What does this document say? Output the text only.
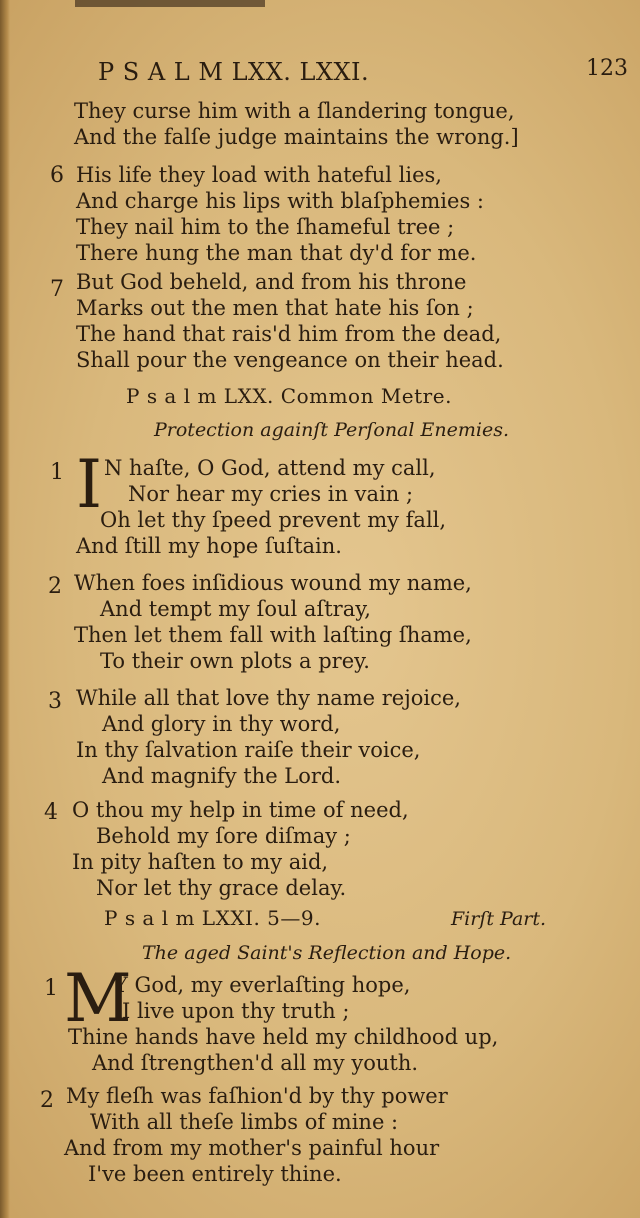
P S A L M LXX. LXXI.	123
They curse him with a ſlandering tongue,
And the falſe judge maintains the wrong.]
6 His life they load with hateful lies,
And charge his lips with blaſphemies :
They nail him to the ſhameful tree ;
There hung the man that dy'd for me.
7 But God beheld, and from his throne
Marks out the men that hate his ſon ;
The hand that rais'd him from the dead,
Shall pour the vengeance on their head.
P s a l m LXX. Common Metre.
Protection againſt Perſonal Enemies.
1 I N haſte, O God, attend my call,
Nor hear my cries in vain ;
Oh let thy ſpeed prevent my fall,
And ſtill my hope ſuſtain.
2 When foes inſidious wound my name,
And tempt my ſoul aſtray,
Then let them fall with laſting ſhame,
To their own plots a prey.
3 While all that love thy name rejoice,
And glory in thy word,
In thy ſalvation raiſe their voice,
And magnify the Lord.
4 O thou my help in time of need,
Behold my ſore diſmay ;
In pity haſten to my aid,
Nor let thy grace delay.
P s a l m LXXI. 5—9.	Firſt Part.
The aged Saint's Reflection and Hope.
1 M
Y God, my everlaſting hope,
I live upon thy truth ;
Thine hands have held my childhood up,
And ſtrengthen'd all my youth.
2 My fleſh was faſhion'd by thy power
With all theſe limbs of mine :
And from my mother's painful hour
I've been entirely thine.
